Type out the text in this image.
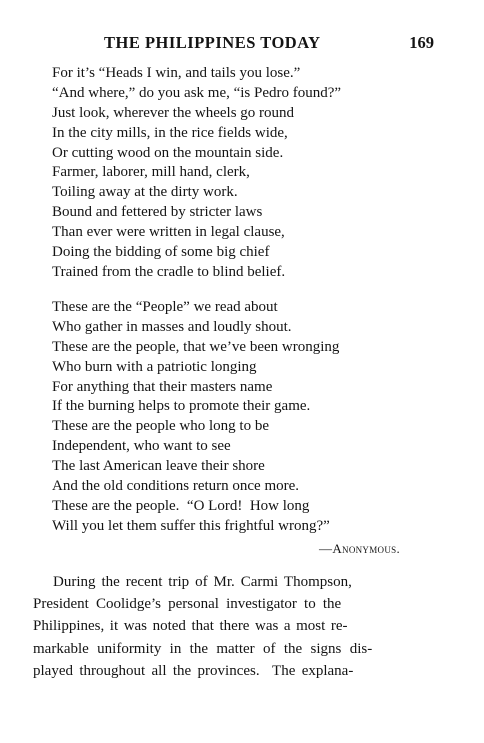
THE PHILIPPINES TODAY	169
For it’s “Heads I win, and tails you lose.”
“And where,” do you ask me, “is Pedro found?”
Just look, wherever the wheels go round
In the city mills, in the rice fields wide,
Or cutting wood on the mountain side.
Farmer, laborer, mill hand, clerk,
Toiling away at the dirty work.
Bound and fettered by stricter laws
Than ever were written in legal clause,
Doing the bidding of some big chief
Trained from the cradle to blind belief.
These are the “People” we read about
Who gather in masses and loudly shout.
These are the people, that we’ve been wronging
Who burn with a patriotic longing
For anything that their masters name
If the burning helps to promote their game.
These are the people who long to be
Independent, who want to see
The last American leave their shore
And the old conditions return once more.
These are the people.  “O Lord!  How long
Will you let them suffer this frightful wrong?”
—Anonymous.
During the recent trip of Mr. Carmi Thompson,
President Coolidge’s personal investigator to the
Philippines, it was noted that there was a most re-
markable uniformity in the matter of the signs dis-
played throughout all the provinces.  The explana-
